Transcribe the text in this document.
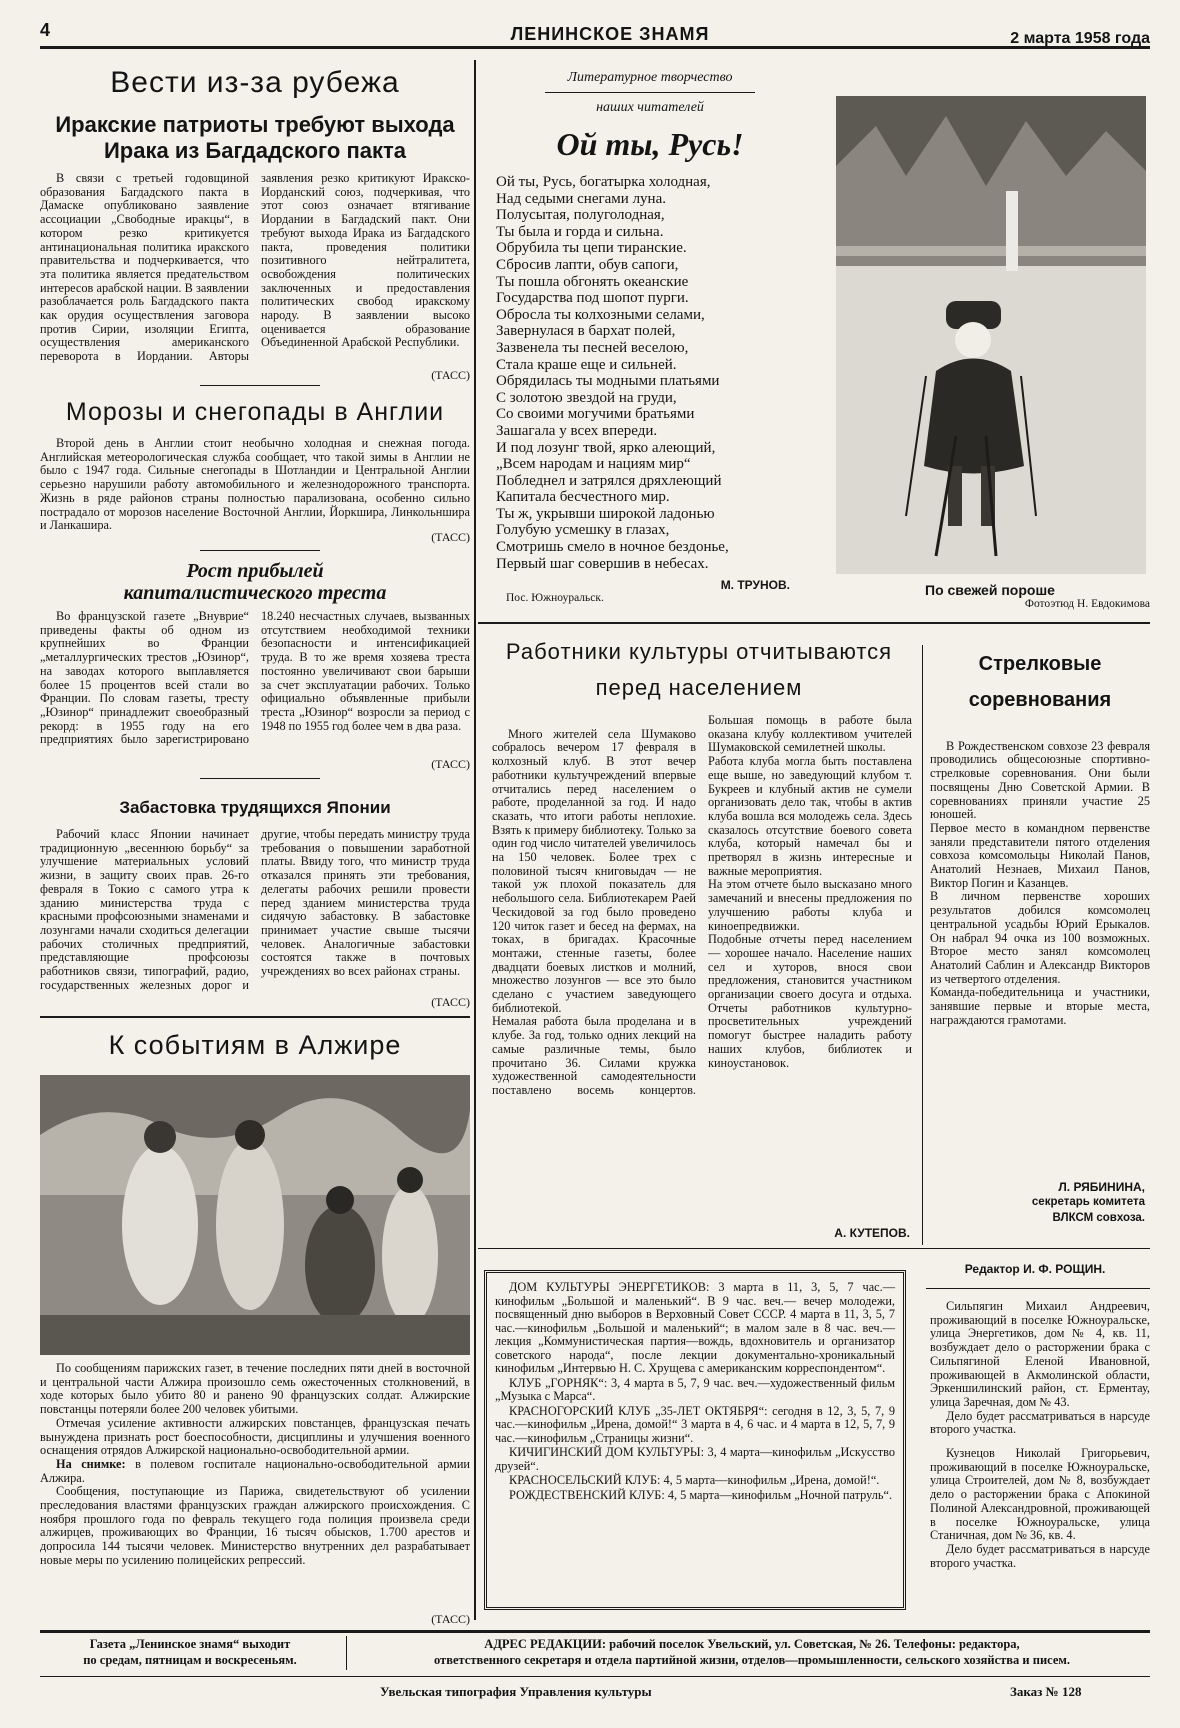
4	ЛЕНИНСКОЕ ЗНАМЯ	2 марта 1958 года
Вести из-за рубежа
Иракские патриоты требуют выхода Ирака из Багдадского пакта

В связи с третьей годовщиной образования Багдадского пакта в Дамаске опубликовано заявление ассоциации „Свободные иракцы“, в котором резко критикуется антинациональная политика иракского правительства и подчеркивается, что эта политика является предательством интересов арабской нации. В заявлении разоблачается роль Багдадского пакта как орудия осуществления заговора против Сирии, изоляции Египта, осуществления американского переворота в Иордании. Авторы заявления резко критикуют Иракско-Иорданский союз, подчеркивая, что этот союз означает втягивание Иордании в Багдадский пакт. Они требуют выхода Ирака из Багдадского пакта, проведения политики позитивного нейтралитета, освобождения политических заключенных и предоставления политических свобод иракскому народу. В заявлении высоко оценивается образование Объединенной Арабской Республики.

(ТАСС)
Морозы и снегопады в Англии

Второй день в Англии стоит необычно холодная и снежная погода. Английская метеорологическая служба сообщает, что такой зимы в Англии не было с 1947 года. Сильные снегопады в Шотландии и Центральной Англии серьезно нарушили работу автомобильного и железнодорожного транспорта. Жизнь в ряде районов страны полностью парализована, особенно сильно пострадало от морозов население Восточной Англии, Йоркшира, Линкольншира и Ланкашира.

(ТАСС)
Рост прибылей
капиталистического треста

Во французской газете „Внуврие“ приведены факты об одном из крупнейших во Франции „металлургических трестов „Юзинор“, на заводах которого выплавляется более 15 процентов всей стали во Франции. По словам газеты, тресту „Юзинор“ принадлежит своеобразный рекорд: в 1955 году на его предприятиях было зарегистрировано 18.240 несчастных случаев, вызванных отсутствием необходимой техники безопасности и интенсификацией труда. В то же время хозяева треста постоянно увеличивают свои барыши за счет эксплуатации рабочих. Только официально объявленные прибыли треста „Юзинор“ возросли за период с 1948 по 1955 год более чем в два раза.

(ТАСС)
Забастовка трудящихся Японии

Рабочий класс Японии начинает традиционную „весеннюю борьбу“ за улучшение материальных условий жизни, в защиту своих прав. 26-го февраля в Токио с самого утра к зданию министерства труда с красными профсоюзными знаменами и лозунгами начали сходиться делегации рабочих столичных предприятий, представляющие профсоюзы работников связи, типографий, радио, государственных железных дорог и другие, чтобы передать министру труда требования о повышении заработной платы. Ввиду того, что министр труда отказался принять эти требования, делегаты рабочих решили провести перед зданием министерства труда сидячую забастовку. В забастовке принимает участие свыше тысячи человек. Аналогичные забастовки состоятся также в почтовых учреждениях во всех районах страны.

(ТАСС)
К событиям в Алжире

По сообщениям парижских газет, в течение последних пяти дней в восточной и центральной части Алжира произошло семь ожесточенных столкновений, в ходе которых было убито 80 и ранено 90 французских солдат. Алжирские повстанцы потеряли более 200 человек убитыми.

Отмечая усиление активности алжирских повстанцев, французская печать вынуждена признать рост боеспособности, дисциплины и улучшения военного оснащения отрядов Алжирской национально-освободительной армии.

На снимке: в полевом госпитале национально-освободительной армии Алжира.

Сообщения, поступающие из Парижа, свидетельствуют об усилении преследования властями французских граждан алжирского происхождения. С ноября прошлого года по февраль текущего года полиция произвела среди алжирцев, проживающих во Франции, 16 тысяч обысков, 1.700 арестов и допросила 144 тысячи человек. Министерство внутренних дел разрабатывает новые меры по усилению полицейских репрессий.

(ТАСС)
Литературное творчество
наших читателей
Ой ты, Русь!
Ой ты, Русь, богатырка холодная,
Над седыми снегами луна.
Полусытая, полуголодная,
Ты была и горда и сильна.
Обрубила ты цепи тиранские.
Сбросив лапти, обув сапоги,
Ты пошла обгонять океанские
Государства под шопот пурги.
Обросла ты колхозными селами,
Завернулася в бархат полей,
Зазвенела ты песней веселою,
Стала краше еще и сильней.
Обрядилась ты модными платьями
С золотою звездой на груди,
Со своими могучими братьями
Зашагала у всех впереди.
И под лозунг твой, ярко алеющий,
„Всем народам и нациям мир“
Побледнел и затрялся дряхлеющий
Капитала бесчестного мир.
Ты ж, укрывши широкой ладонью
Голубую усмешку в глазах,
Смотришь смело в ночное бездонье,
Первый шаг совершив в небесах.
Пос. Южноуральск.
М. ТРУНОВ.	По свежей пороше
Фотоэтюд Н. Евдокимова
Работники культуры отчитываются
перед населением

Много жителей села Шумаково собралось вечером 17 февраля в колхозный клуб. В этот вечер работники культучреждений впервые отчитались перед населением о работе, проделанной за год. И надо сказать, что итоги работы неплохие. Взять к примеру библиотеку. Только за один год число читателей увеличилось на 150 человек. Более трех с половиной тысяч книговыдач — не такой уж плохой показатель для небольшого села. Библиотекарем Раей Ческидовой за год было проведено 120 читок газет и бесед на фермах, на токах, в бригадах. Красочные монтажи, стенные газеты, более двадцати боевых листков и молний, множество лозунгов — все это было сделано с участием заведующего библиотекой.
Немалая работа была проделана и в клубе. За год, только одних лекций на самые различные темы, было прочитано 36. Силами кружка художественной самодеятельности поставлено восемь концертов. Большая помощь в работе была оказана клубу коллективом учителей Шумаковской семилетней школы.
Работа клуба могла быть поставлена еще выше, но заведующий клубом т. Букреев и клубный актив не сумели организовать дело так, чтобы в актив клуба вошла вся молодежь села. Здесь сказалось отсутствие боевого совета клуба, который намечал бы и претворял в жизнь интересные и важные мероприятия.
На этом отчете было высказано много замечаний и внесены предложения по улучшению работы клуба и киноепредвижки.
Подобные отчеты перед населением — хорошее начало. Население наших сел и хуторов, внося свои предложения, становится участником организации своего досуга и отдыха. Отчеты работников культурно-просветительных учреждений помогут быстрее наладить работу наших клубов, библиотек и киноустановок.

А. КУТЕПОВ.
Стрелковые
соревнования

В Рождественском совхозе 23 февраля проводились общесоюзные спортивно-стрелковые соревнования. Они были посвящены Дню Советской Армии. В соревнованиях приняли участие 25 юношей.
Первое место в командном первенстве заняли представители пятого отделения совхоза комсомольцы Николай Панов, Анатолий Незнаев, Михаил Панов, Виктор Погин и Казанцев.
В личном первенстве хороших результатов добился комсомолец центральной усадьбы Юрий Ерыкалов. Он набрал 94 очка из 100 возможных. Второе место занял комсомолец Анатолий Саблин и Александр Викторов из четвертого отделения.
Команда-победительница и участники, занявшие первые и вторые места, награждаются грамотами.

Л. РЯБИНИНА,
секретарь комитета
ВЛКСМ совхоза.

ДОМ КУЛЬТУРЫ ЭНЕРГЕТИКОВ: 3 марта в 11, 3, 5, 7 час.—кинофильм „Большой и маленький“. В 9 час. веч.— вечер молодежи, посвященный дню выборов в Верховный Совет СССР. 4 марта в 11, 3, 5, 7 час.—кинофильм „Большой и маленький“; в малом зале в 8 час. веч.—лекция „Коммунистическая партия—вождь, вдохновитель и организатор советского народа“, после лекции документально-хроникальный кинофильм „Интервью Н. С. Хрущева с американским корреспондентом“.

КЛУБ „ГОРНЯК“: 3, 4 марта в 5, 7, 9 час. веч.—художественный фильм „Музыка с Марса“.

КРАСНОГОРСКИЙ КЛУБ „35-ЛЕТ ОКТЯБРЯ“: сегодня в 12, 3, 5, 7, 9 час.—кинофильм „Ирена, домой!“ 3 марта в 4, 6 час. и 4 марта в 12, 5, 7, 9 час.—кинофильм „Страницы жизни“.

КИЧИГИНСКИЙ ДОМ КУЛЬТУРЫ: 3, 4 марта—кинофильм „Искусство друзей“.

КРАСНОСЕЛЬСКИЙ КЛУБ: 4, 5 марта—кинофильм „Ирена, домой!“.

РОЖДЕСТВЕНСКИЙ КЛУБ: 4, 5 марта—кинофильм „Ночной патруль“.

Редактор И. Ф. РОЩИН.

Сильпягин Михаил Андреевич, проживающий в поселке Южноуральске, улица Энергетиков, дом № 4, кв. 11, возбуждает дело о расторжении брака с Сильпягиной Еленой Ивановной, проживающей в Акмолинской области, Эркеншилинский район, ст. Ерментау, улица Заречная, дом № 43.

Дело будет рассматриваться в нарсуде второго участка.

Кузнецов Николай Григорьевич, проживающий в поселке Южноуральске, улица Строителей, дом № 8, возбуждает дело о расторжении брака с Апокиной Полиной Александровной, проживающей в поселке Южноуральске, улица Станичная, дом № 36, кв. 4.

Дело будет рассматриваться в нарсуде второго участка.

Газета „Ленинское знамя“ выходит
по средам, пятницам и воскресеньям.
АДРЕС РЕДАКЦИИ: рабочий поселок Увельский, ул. Советская, № 26. Телефоны: редактора,
ответственного секретаря и отдела партийной жизни, отделов—промышленности, сельского хозяйства и писем.
Увельская типография Управления культуры	Заказ № 128
